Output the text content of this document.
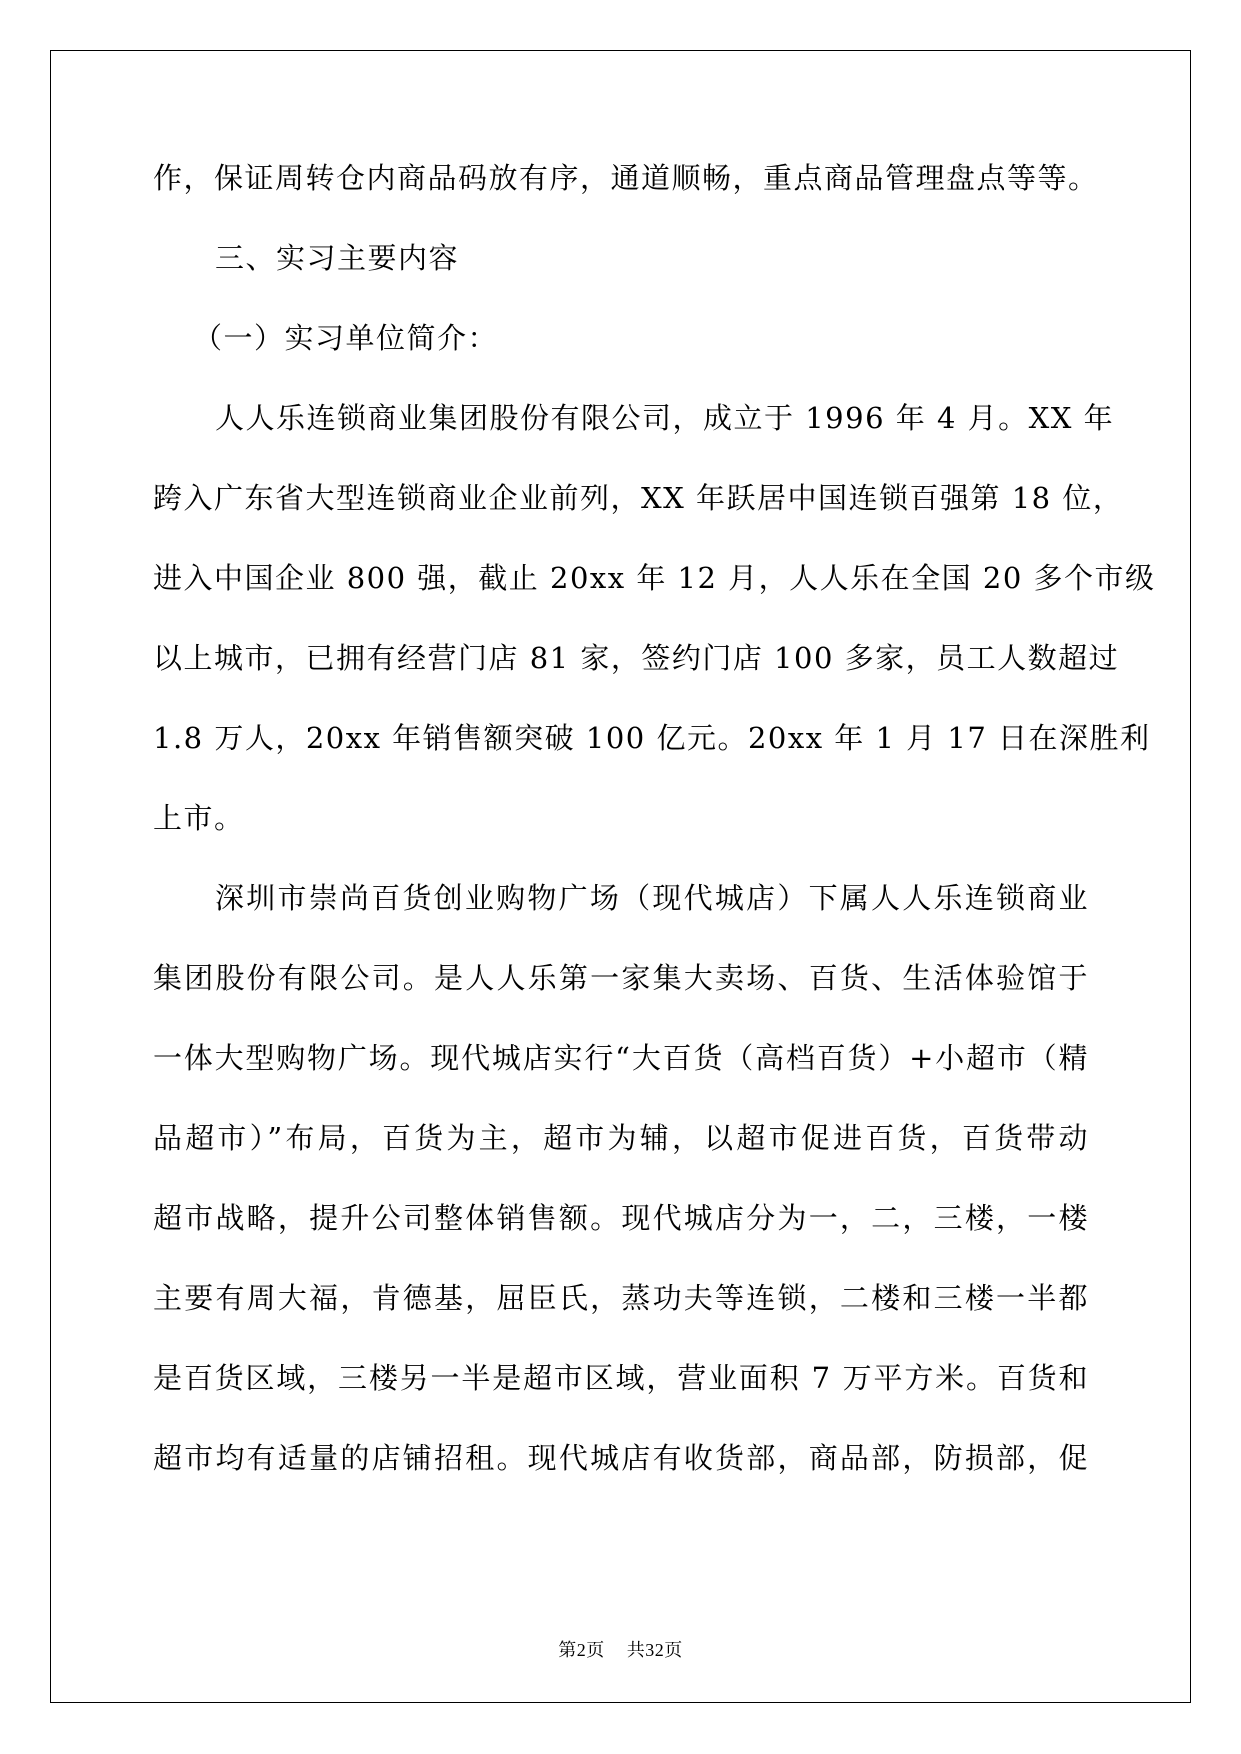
作，保证周转仓内商品码放有序，通道顺畅，重点商品管理盘点等等。
三、实习主要内容
（一）实习单位简介：
人人乐连锁商业集团股份有限公司，成立于 1996 年 4 月。XX 年
跨入广东省大型连锁商业企业前列，XX 年跃居中国连锁百强第 18 位，
进入中国企业 800 强，截止 20xx 年 12 月，人人乐在全国 20 多个市级
以上城市，已拥有经营门店 81 家，签约门店 100 多家，员工人数超过
1.8 万人，20xx 年销售额突破 100 亿元。20xx 年 1 月 17 日在深胜利
上市。
深圳市崇尚百货创业购物广场（现代城店）下属人人乐连锁商业
集团股份有限公司。是人人乐第一家集大卖场、百货、生活体验馆于
一体大型购物广场。现代城店实行“大百货（高档百货）+小超市（精
品超市）”布局，百货为主，超市为辅，以超市促进百货，百货带动
超市战略，提升公司整体销售额。现代城店分为一，二，三楼，一楼
主要有周大福，肯德基，屈臣氏，蒸功夫等连锁，二楼和三楼一半都
是百货区域，三楼另一半是超市区域，营业面积 7 万平方米。百货和
超市均有适量的店铺招租。现代城店有收货部，商品部，防损部，促
第2页 共32页
